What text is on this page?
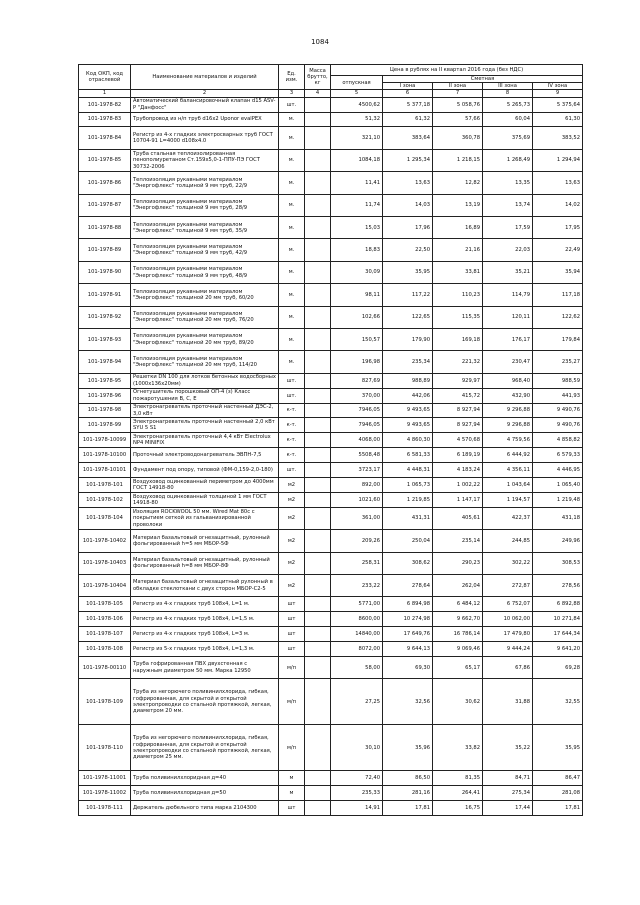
1084
Код ОКП, код отраслевой	Наименование материалов и изделий	Ед. изм.	Масса брутто, кг	Цена в рублях на II квартал 2016 года (без НДС)				
				отпускная	Сметная			
					I зона	II зона	III зона	IV зона
1	2	3	4	5	6	7	8	9
101-1978-82	Автоматический балансировочный клапан d15 ASV-P "Данфосс"	шт.		4500,62	5 377,18	5 058,76	5 265,73	5 375,64
101-1978-83	Трубопровод из н/п труб d16x2 Uponor evalPEX	м.		51,32	61,32	57,66	60,04	61,30
101-1978-84	Регистр из 4-х гладких электросварных труб ГОСТ 10704-91 L=4000 d108x4.0	м.		321,10	383,64	360,78	375,69	383,52
101-1978-85	Труба стальная теплоизолированная пенополиуретаном Ст.159х5,0-1-ППУ-ПЭ ГОСТ 30732-2006	м.		1084,18	1 295,34	1 218,15	1 268,49	1 294,94
101-1978-86	Теплоизоляция рукавными материалом "Энергофлекс" толщиной 9 мм труб, 22/9	м.		11,41	13,63	12,82	13,35	13,63
101-1978-87	Теплоизоляция рукавными материалом "Энергофлекс" толщиной 9 мм труб, 28/9	м.		11,74	14,03	13,19	13,74	14,02
101-1978-88	Теплоизоляция рукавными материалом "Энергофлекс" толщиной 9 мм труб, 35/9	м.		15,03	17,96	16,89	17,59	17,95
101-1978-89	Теплоизоляция рукавными материалом "Энергофлекс" толщиной 9 мм труб, 42/9	м.		18,83	22,50	21,16	22,03	22,49
101-1978-90	Теплоизоляция рукавными материалом "Энергофлекс" толщиной 9 мм труб, 48/9	м.		30,09	35,95	33,81	35,21	35,94
101-1978-91	Теплоизоляция рукавными материалом "Энергофлекс" толщиной 20 мм труб, 60/20	м.		98,11	117,22	110,23	114,79	117,18
101-1978-92	Теплоизоляция рукавными материалом "Энергофлекс" толщиной 20 мм труб, 76/20	м.		102,66	122,65	115,35	120,11	122,62
101-1978-93	Теплоизоляция рукавными материалом "Энергофлекс" толщиной 20 мм труб, 89/20	м.		150,57	179,90	169,18	176,17	179,84
101-1978-94	Теплоизоляция рукавными материалом "Энергофлекс" толщиной 20 мм труб, 114/20	м.		196,98	235,34	221,32	230,47	235,27
101-1978-95	Решетки DN 100 для лотков бетонных водосборных (1000х136х20мм)	шт.		827,69	988,89	929,97	968,40	988,59
101-1978-96	Огнетушитель порошковый ОП-4 (з) Класс пожаротушения В, С, Е	шт.		370,00	442,06	415,72	432,90	441,93
101-1978-98	Электронагреватель проточный настенный ДЭС-2, 3,0 кВт	к-т.		7946,05	9 493,65	8 927,94	9 296,88	9 490,76
101-1978-99	Электронагреватель проточный настенный 2,0 кВт SYU 5 S1	к-т.		7946,05	9 493,65	8 927,94	9 296,88	9 490,76
101-1978-10099	Электронагреватель проточный 4,4 кВт Electrolux NP4 MINIFIX	к-т.		4068,00	4 860,30	4 570,68	4 759,56	4 858,82
101-1978-10100	Проточный электроводонагреватель ЭВПН-7,5	к-т.		5508,48	6 581,33	6 189,19	6 444,92	6 579,33
101-1978-10101	Фундамент под опору, типовой (ФМ-0,159-2,0-180)	шт.		3723,17	4 448,31	4 183,24	4 356,11	4 446,95
101-1978-101	Воздуховод оцинкованный периметром до 4000мм ГОСТ 14918-80	м2		892,00	1 065,73	1 002,22	1 043,64	1 065,40
101-1978-102	Воздуховод оцинкованный толщиной 1 мм ГОСТ 14918-80	м2		1021,60	1 219,85	1 147,17	1 194,57	1 219,48
101-1978-104	Изоляция ROCKWOOL 50 мм. Wired Mat 80с с покрытием сеткой из гальванизированной проволоки	м2		361,00	431,31	405,61	422,37	431,18
101-1978-10402	Материал базальтовый огнезащитный, рулонный фольгированный h=5 мм МБОР-5Ф	м2		209,26	250,04	235,14	244,85	249,96
101-1978-10403	Материал базальтовый огнезащитный, рулонный фольгированный h=8 мм МБОР-8Ф	м2		258,31	308,62	290,23	302,22	308,53
101-1978-10404	Материал базальтовый огнезащитный рулонный в обкладке стеклоткани с двух сторон МБОР-С2-5	м2		233,22	278,64	262,04	272,87	278,56
101-1978-105	Регистр из 4-х гладких труб 108х4, L=1 м.	шт		5771,00	6 894,98	6 484,12	6 752,07	6 892,88
101-1978-106	Регистр из 4-х гладких труб 108х4, L=1,5 м.	шт		8600,00	10 274,98	9 662,70	10 062,00	10 271,84
101-1978-107	Регистр из 4-х гладких труб 108х4, L=3 м.	шт		14840,00	17 649,76	16 786,14	17 479,80	17 644,34
101-1978-108	Регистр из 5-х гладких труб 108х4, L=1,3 м.	шт		8072,00	9 644,13	9 069,46	9 444,24	9 641,20
101-1978-00110	Труба гофрированная ПВХ двухстенная с наружным диаметром 50 мм. Марка 12950	м/п		58,00	69,30	65,17	67,86	69,28
101-1978-109	Труба из негорючего поливинилхлорида, гибкая, гофрированная, для скрытой и открытой электропроводки со стальной протяжкой, легкая, диаметром 20 мм.	м/п		27,25	32,56	30,62	31,88	32,55
101-1978-110	Труба из негорючего поливинилхлорида, гибкая, гофрированная, для скрытой и открытой электропроводки со стальной протяжкой, легкая, диаметром 25 мм.	м/п		30,10	35,96	33,82	35,22	35,95
101-1978-11001	Труба поливинилхлоридная д=40	м		72,40	86,50	81,35	84,71	86,47
101-1978-11002	Труба поливинилхлоридная д=50	м		235,33	281,16	264,41	275,34	281,08
101-1978-111	Держатель дюбельного типа марка 2104300	шт		14,91	17,81	16,75	17,44	17,81
